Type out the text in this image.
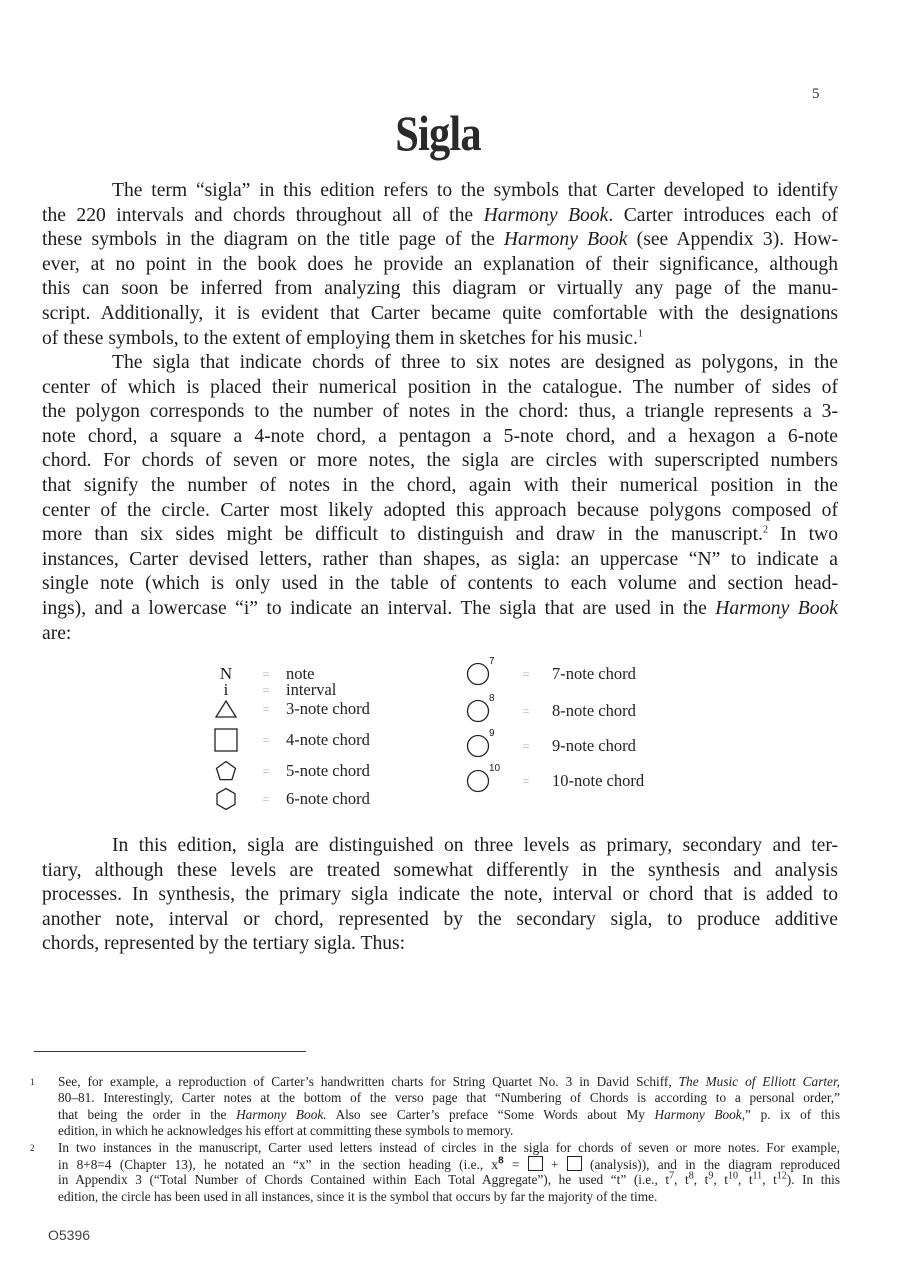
5
Sigla
The term “sigla” in this edition refers to the symbols that Carter developed to identify
the 220 intervals and chords throughout all of the Harmony Book. Carter introduces each of
these symbols in the diagram on the title page of the Harmony Book (see Appendix 3). How-
ever, at no point in the book does he provide an explanation of their significance, although
this can soon be inferred from analyzing this diagram or virtually any page of the manu-
script. Additionally, it is evident that Carter became quite comfortable with the designations
of these symbols, to the extent of employing them in sketches for his music.$^1$
The sigla that indicate chords of three to six notes are designed as polygons, in the
center of which is placed their numerical position in the catalogue. The number of sides of
the polygon corresponds to the number of notes in the chord: thus, a triangle represents a 3-
note chord, a square a 4-note chord, a pentagon a 5-note chord, and a hexagon a 6-note
chord. For chords of seven or more notes, the sigla are circles with superscripted numbers
that signify the number of notes in the chord, again with their numerical position in the
center of the circle. Carter most likely adopted this approach because polygons composed of
more than six sides might be difficult to distinguish and draw in the manuscript.$^2$ In two
instances, Carter devised letters, rather than shapes, as sigla: an uppercase “N” to indicate a
single note (which is only used in the table of contents to each volume and section head-
ings), and a lowercase “i” to indicate an interval. The sigla that are used in the Harmony Book
are:
N	=	note
i	=	interval
=	3-note chord
=	4-note chord
=	5-note chord
=	6-note chord
7
=	7-note chord
8
=	8-note chord
9
=	9-note chord
10
=	10-note chord
In this edition, sigla are distinguished on three levels as primary, secondary and ter-
tiary, although these levels are treated somewhat differently in the synthesis and analysis
processes. In synthesis, the primary sigla indicate the note, interval or chord that is added to
another note, interval or chord, represented by the secondary sigla, to produce additive
chords, represented by the tertiary sigla. Thus:
1	See, for example, a reproduction of Carter’s handwritten charts for String Quartet No. 3 in David Schiff, The Music of Elliott Carter,
80–81. Interestingly, Carter notes at the bottom of the verso page that “Numbering of Chords is according to a personal order,”
that being the order in the Harmony Book. Also see Carter’s preface “Some Words about My Harmony Book,” p. ix of this
edition, in which he acknowledges his effort at committing these symbols to memory.
2	In two instances in the manuscript, Carter used letters instead of circles in the sigla for chords of seven or more notes. For example,
in 8+8=4 (Chapter 13), he notated an “x” in the section heading (i.e., $x^8$ =  +  (analysis)), and in the diagram reproduced
in Appendix 3 (“Total Number of Chords Contained within Each Total Aggregate”), he used “t” (i.e., $t^7$, $t^8$, $t^9$, $t^{10}$, $t^{11}$, $t^{12}$). In this
edition, the circle has been used in all instances, since it is the symbol that occurs by far the majority of the time.
O5396
